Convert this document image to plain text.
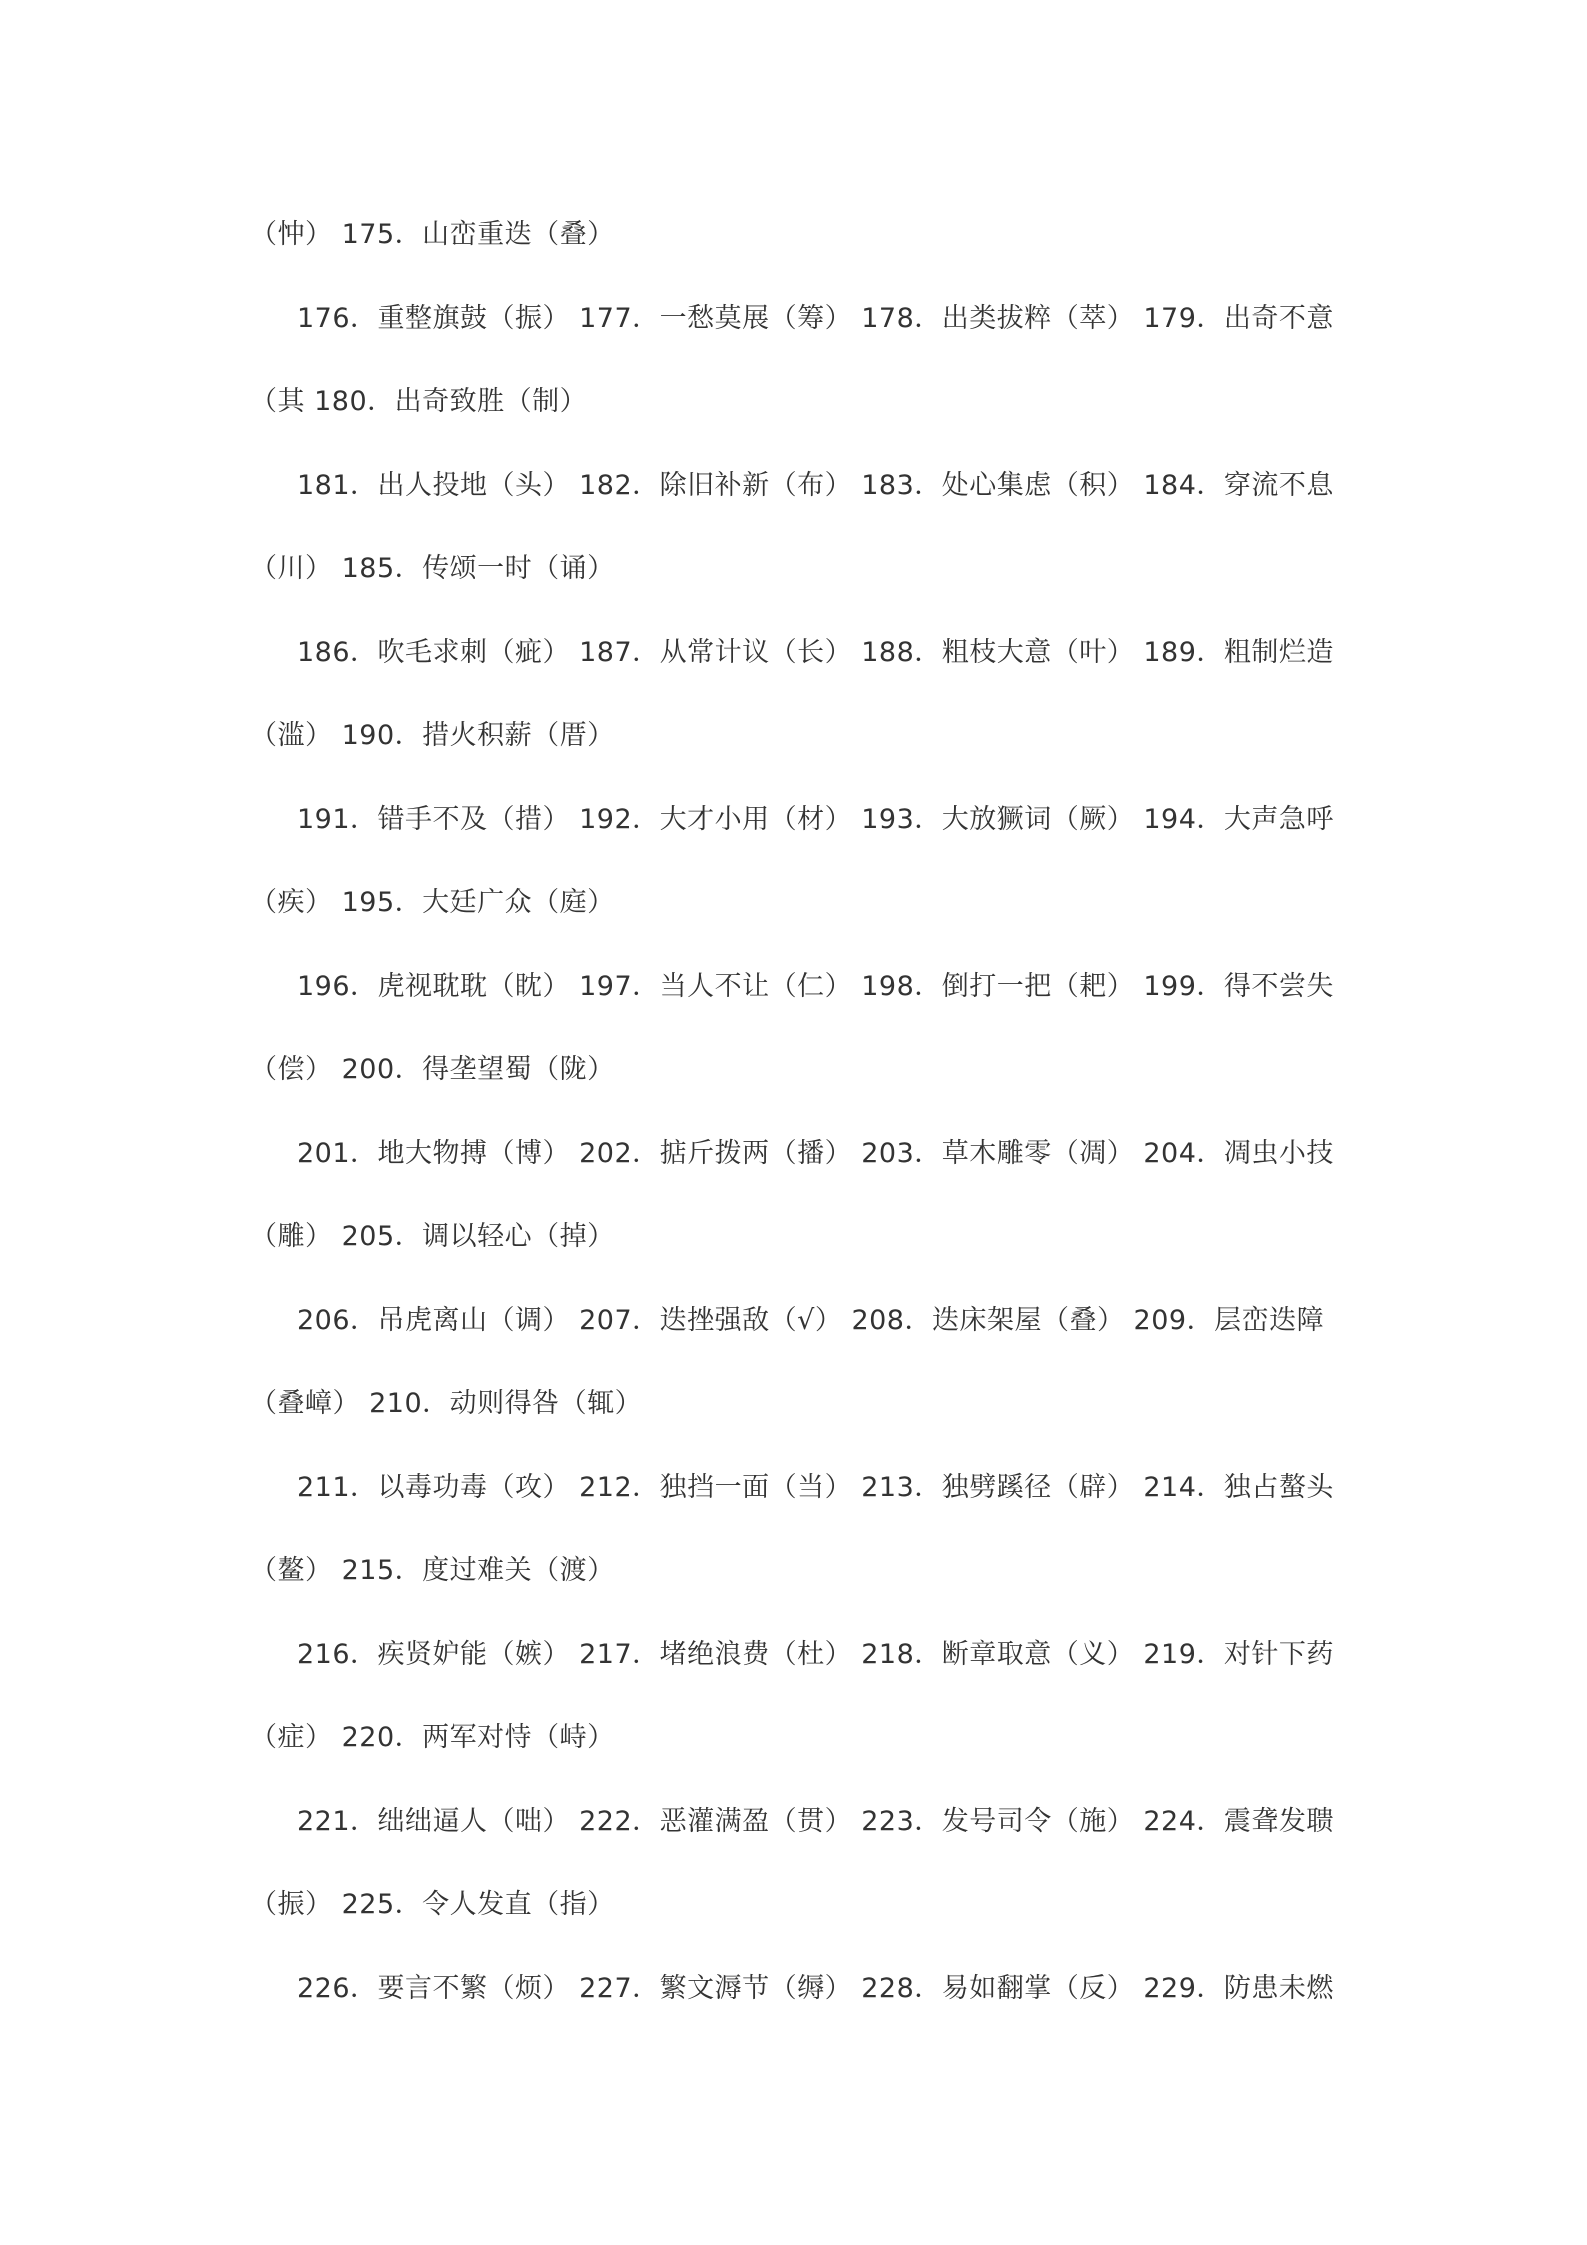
（忡） 175．山峦重迭（叠）
176．重整旗鼓（振） 177．一愁莫展（筹） 178．出类拔粹（萃） 179．出奇不意
（其 180．出奇致胜（制）
181．出人投地（头） 182．除旧补新（布） 183．处心集虑（积） 184．穿流不息
（川） 185．传颂一时（诵）
186．吹毛求刺（疵） 187．从常计议（长） 188．粗枝大意（叶） 189．粗制烂造
（滥） 190．措火积薪（厝）
191．错手不及（措） 192．大才小用（材） 193．大放獗词（厥） 194．大声急呼
（疾） 195．大廷广众（庭）
196．虎视耽耽（眈） 197．当人不让（仁） 198．倒打一把（耙） 199．得不尝失
（偿） 200．得垄望蜀（陇）
201．地大物搏（博） 202．掂斤拨两（播） 203．草木雕零（凋） 204．凋虫小技
（雕） 205．调以轻心（掉）
206．吊虎离山（调） 207．迭挫强敌（√） 208．迭床架屋（叠） 209．层峦迭障
（叠嶂） 210．动则得咎（辄）
211．以毒功毒（攻） 212．独挡一面（当） 213．独劈蹊径（辟） 214．独占螯头
（鳌） 215．度过难关（渡）
216．疾贤妒能（嫉） 217．堵绝浪费（杜） 218．断章取意（义） 219．对针下药
（症） 220．两军对恃（峙）
221．绌绌逼人（咄） 222．恶灌满盈（贯） 223．发号司令（施） 224．震聋发聩
（振） 225．令人发直（指）
226．要言不繁（烦） 227．繁文溽节（缛） 228．易如翻掌（反） 229．防患未燃
